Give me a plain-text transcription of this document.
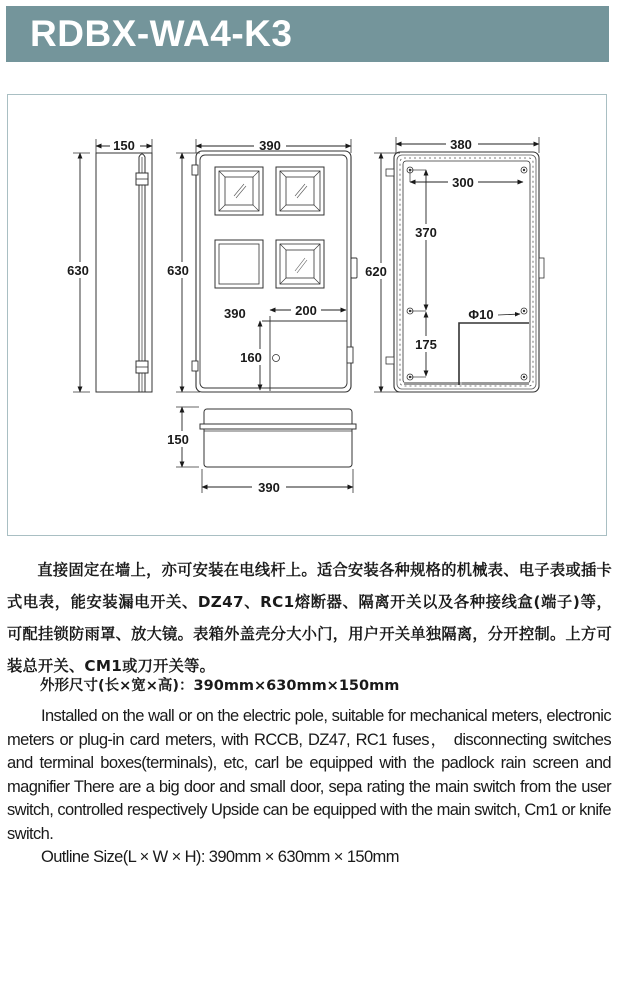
RDBX-WA4-K3
150
630
390
630
390	200
160
380
620
300
370
175
Φ10
150
390

直接固定在墙上，亦可安装在电线杆上。适合安装各种规格的机械表、电子表或插卡式电表，能安装漏电开关、DZ47、RC1熔断器、隔离开关以及各种接线盒(端子)等，可配挂锁防雨罩、放大镜。表箱外盖壳分大小门，用户开关单独隔离，分开控制。上方可装总开关、CM1或刀开关等。

外形尺寸(长×宽×高)：390mm×630mm×150mm

Installed on the wall or on the electric pole, suitable for mechanical meters, electronic meters or plug-in card meters, with RCCB, DZ47, RC1 fuses， disconnecting switches and terminal boxes(terminals), etc, carl be equipped with the padlock rain screen and magnifier There are a big door and small door, sepa rating the main switch from the user switch, controlled respectively Upside can be equipped with the main switch, Cm1 or knife switch.

Outline Size(L × W × H): 390mm × 630mm × 150mm
